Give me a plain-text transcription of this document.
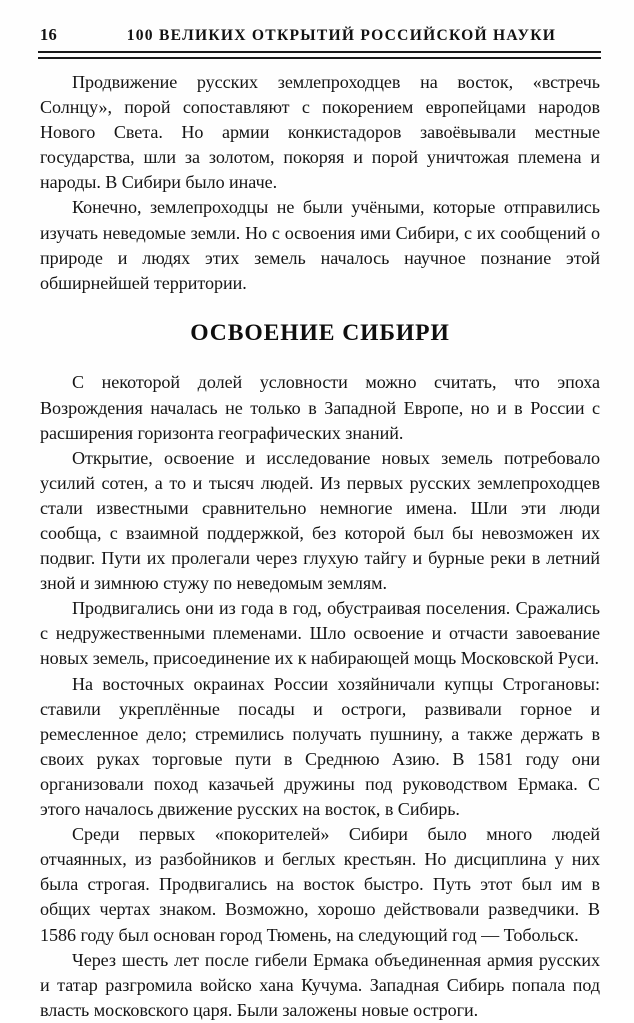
16	100 ВЕЛИКИХ ОТКРЫТИЙ РОССИЙСКОЙ НАУКИ

Продвижение русских землепроходцев на восток, «встречь Солнцу», порой сопоставляют с покорением европейцами народов Нового Света. Но армии конкистадоров завоёвывали местные государства, шли за золотом, покоряя и порой уничтожая племена и народы. В Сибири было иначе.

Конечно, землепроходцы не были учёными, которые отправились изучать неведомые земли. Но с освоения ими Сибири, с их сообщений о природе и людях этих земель началось научное познание этой обширнейшей территории.

ОСВОЕНИЕ СИБИРИ

С некоторой долей условности можно считать, что эпоха Возрождения началась не только в Западной Европе, но и в России с расширения горизонта географических знаний.

Открытие, освоение и исследование новых земель потребовало усилий сотен, а то и тысяч людей. Из первых русских землепроходцев стали известными сравнительно немногие имена. Шли эти люди сообща, с взаимной поддержкой, без которой был бы невозможен их подвиг. Пути их пролегали через глухую тайгу и бурные реки в летний зной и зимнюю стужу по неведомым землям.

Продвигались они из года в год, обустраивая поселения. Сражались с недружественными племенами. Шло освоение и отчасти завоевание новых земель, присоединение их к набирающей мощь Московской Руси.

На восточных окраинах России хозяйничали купцы Строгановы: ставили укреплённые посады и остроги, развивали горное и ремесленное дело; стремились получать пушнину, а также держать в своих руках торговые пути в Среднюю Азию. В 1581 году они организовали поход казачьей дружины под руководством Ермака. С этого началось движение русских на восток, в Сибирь.

Среди первых «покорителей» Сибири было много людей отчаянных, из разбойников и беглых крестьян. Но дисциплина у них была строгая. Продвигались на восток быстро. Путь этот был им в общих чертах знаком. Возможно, хорошо действовали разведчики. В 1586 году был основан город Тюмень, на следующий год — Тобольск.

Через шесть лет после гибели Ермака объединенная армия русских и татар разгромила войско хана Кучума. Западная Сибирь попала под власть московского царя. Были заложены новые остроги.
